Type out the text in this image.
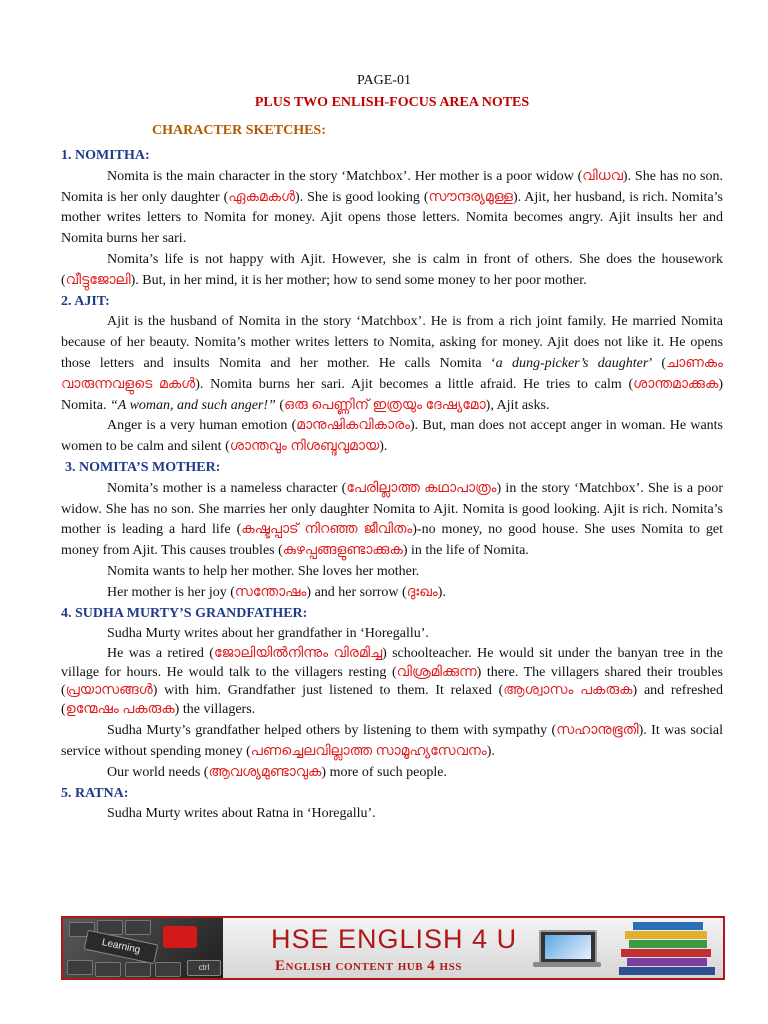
PAGE-01
PLUS TWO ENLISH-FOCUS AREA NOTES
CHARACTER SKETCHES:

1. NOMITHA:

Nomita is the main character in the story ‘Matchbox’. Her mother is a poor widow (വിധവ). She has no son. Nomita is her only daughter (ഏകമകൾ). She is good looking (സൗന്ദര്യമുള്ള). Ajit, her husband, is rich. Nomita’s mother writes letters to Nomita for money. Ajit opens those letters. Nomita becomes angry. Ajit insults her and Nomita burns her sari.

Nomita’s life is not happy with Ajit. However, she is calm in front of others. She does the housework (വീട്ടുജോലി). But, in her mind, it is her mother; how to send some money to her poor mother.

2. AJIT:

Ajit is the husband of Nomita in the story ‘Matchbox’. He is from a rich joint family. He married Nomita because of her beauty. Nomita’s mother writes letters to Nomita, asking for money. Ajit does not like it. He opens those letters and insults Nomita and her mother. He calls Nomita ‘a dung-picker’s daughter’ (ചാണകം വാരുന്നവളുടെ മകൾ). Nomita burns her sari. Ajit becomes a little afraid. He tries to calm (ശാന്തമാക്കുക) Nomita. “A woman, and such anger!” (ഒരു പെണ്ണിന് ഇത്രയും ദേഷ്യമോ), Ajit asks.

Anger is a very human emotion (മാനുഷികവികാരം). But, man does not accept anger in woman. He wants women to be calm and silent (ശാന്തവും നിശബ്ദവുമായ).

3. NOMITA’S MOTHER:

Nomita’s mother is a nameless character (പേരില്ലാത്ത കഥാപാത്രം) in the story ‘Matchbox’. She is a poor widow. She has no son. She marries her only daughter Nomita to Ajit. Nomita is good looking. Ajit is rich. Nomita’s mother is leading a hard life (കഷ്ടപ്പാട് നിറഞ്ഞ ജീവിതം)-no money, no good house. She uses Nomita to get money from Ajit. This causes troubles (കുഴപ്പങ്ങളുണ്ടാക്കുക) in the life of Nomita.

Nomita wants to help her mother. She loves her mother.

Her mother is her joy (സന്തോഷം) and her sorrow (ദുഃഖം).

4. SUDHA MURTY’S GRANDFATHER:

Sudha Murty writes about her grandfather in ‘Horegallu’.

He was a retired (ജോലിയിൽനിന്നും വിരമിച്ച) schoolteacher. He would sit under the banyan tree in the village for hours. He would talk to the villagers resting (വിശ്രമിക്കുന്ന) there. The villagers shared their troubles (പ്രയാസങ്ങൾ) with him. Grandfather just listened to them. It relaxed (ആശ്വാസം പകരുക) and refreshed (ഉന്മേഷം പകരുക) the villagers.

Sudha Murty’s grandfather helped others by listening to them with sympathy (സഹാനുഭൂതി). It was social service without spending money (പണച്ചെലവില്ലാത്ത സാമൂഹ്യസേവനം).

Our world needs (ആവശ്യമുണ്ടാവുക) more of such people.

5. RATNA:

Sudha Murty writes about Ratna in ‘Horegallu’.

Learning
ctrl
HSE ENGLISH 4 U
English content hub 4 hss
